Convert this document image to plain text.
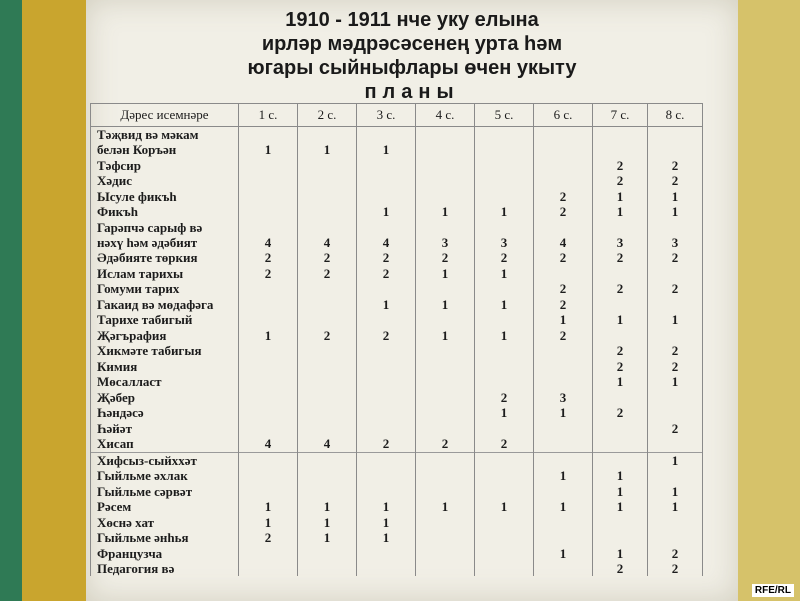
1910 - 1911 нче уку елына
ирләр мәдрәсәсенең урта һәм
югары сыйныфлары өчен укыту
планы
Дәрес исемнәре	1 с.	2 с.	3 с.	4 с.	5 с.	6 с.	7 с.	8 с.
Тәҗвид вә мәкам								
белән Коръән	1	1	1					
Тәфсир							2	2
Хәдис							2	2
Ысуле фикъһ						2	1	1
Фикъһ			1	1	1	2	1	1
Гарәпчә сарыф вә								
нәхү һәм әдәбият	4	4	4	3	3	4	3	3
Әдәбияте төркия	2	2	2	2	2	2	2	2
Ислам тарихы	2	2	2	1	1			
Гомуми тарих						2	2	2
Гакаид вә мөдафәга			1	1	1	2		
Тарихе табигый						1	1	1
Җәгърафия	1	2	2	1	1	2		
Хикмәте табигыя							2	2
Кимия							2	2
Мөсалласт							1	1
Җәбер					2	3		
Һәндәсә					1	1	2	
Һәйәт								2
Хисап	4	4	2	2	2			
Хифсыз-сыйххәт								1
Гыйльме әхлак						1	1	
Гыйльме сәрвәт							1	1
Рәсем	1	1	1	1	1	1	1	1
Хөснә хат	1	1	1					
Гыйльме әнһья	2	1	1					
Французча						1	1	2
Педагогия вә							2	2
RFE/RL
